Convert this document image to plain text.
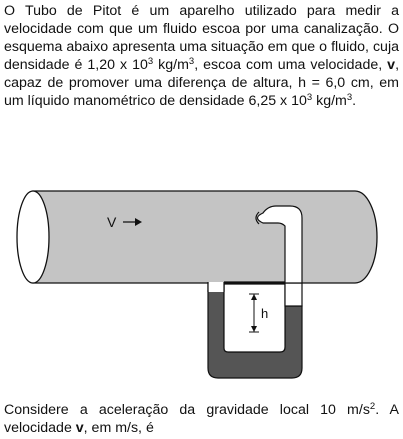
O Tubo de Pitot é um aparelho utilizado para medir a velocidade com que um fluido escoa por uma canalização. O esquema abaixo apresenta uma situação em que o fluido, cuja densidade é 1,20 x $10^3$ $kg/m^3$, escoa com uma velocidade, v, capaz de promover uma diferença de altura, h = 6,0 cm, em um líquido manométrico de densidade 6,25 x $10^3$ $kg/m^3$.

V
h

Considere a aceleração da gravidade local 10 $m/s^2$. A velocidade v, em m/s, é
